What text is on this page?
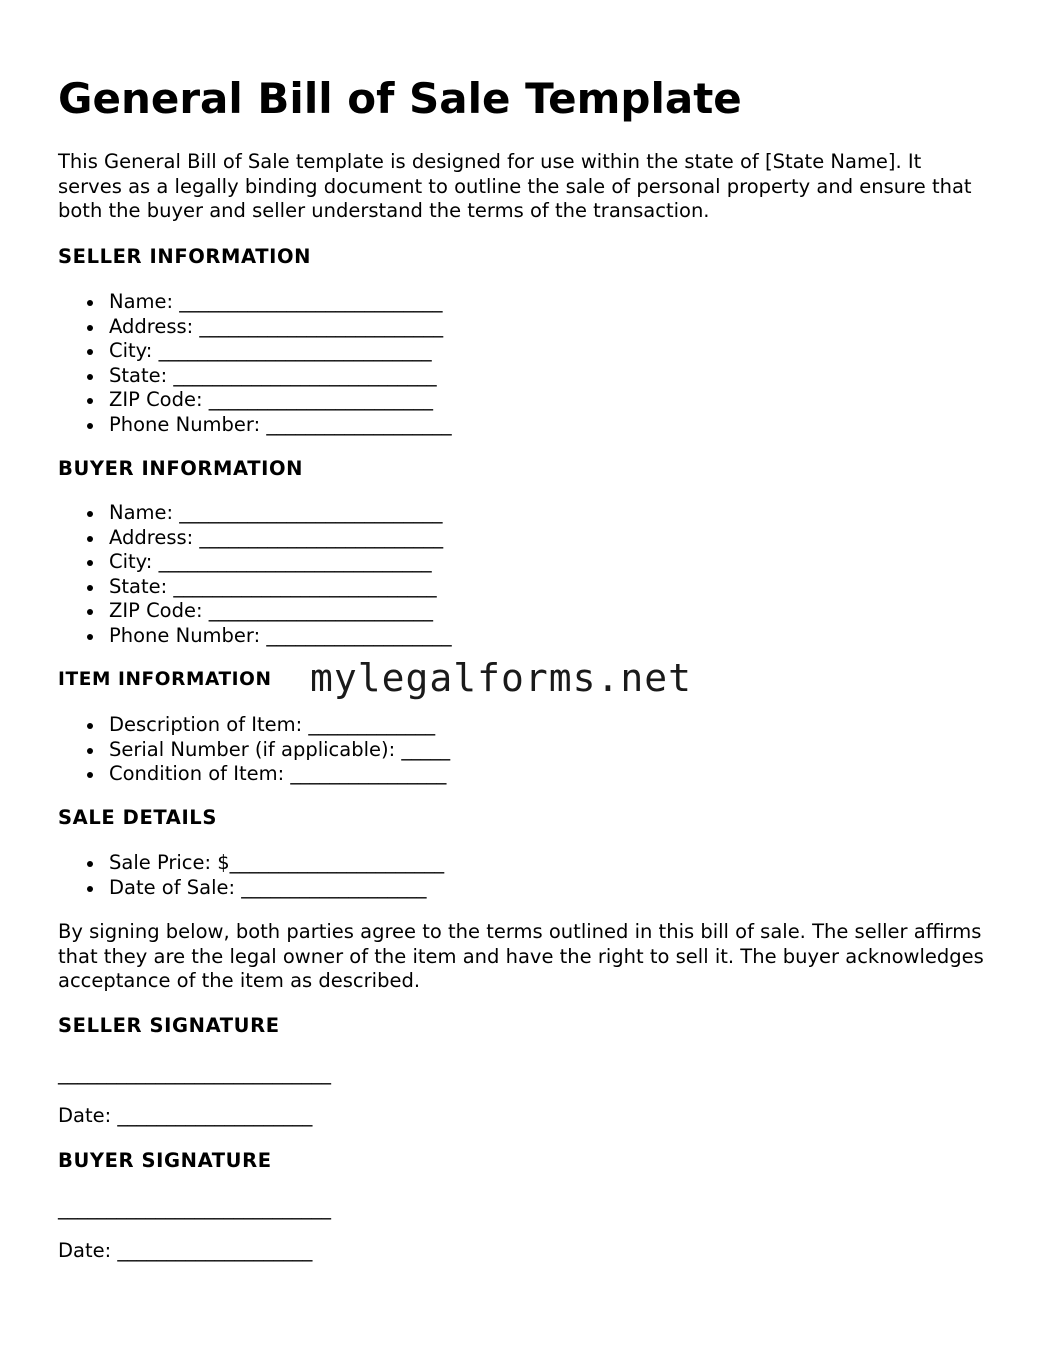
General Bill of Sale Template

This General Bill of Sale template is designed for use within the state of [State Name]. It serves as a legally binding document to outline the sale of personal property and ensure that both the buyer and seller understand the terms of the transaction.

SELLER INFORMATION
Name: ___________________________
Address: _________________________
City: ____________________________
State: ___________________________
ZIP Code: _______________________
Phone Number: ___________________
BUYER INFORMATION
Name: ___________________________
Address: _________________________
City: ____________________________
State: ___________________________
ZIP Code: _______________________
Phone Number: ___________________
ITEM INFORMATION
Description of Item: _____________
Serial Number (if applicable): _____
Condition of Item: ________________
SALE DETAILS
Sale Price: $______________________
Date of Sale: ___________________

By signing below, both parties agree to the terms outlined in this bill of sale. The seller affirms that they are the legal owner of the item and have the right to sell it. The buyer acknowledges acceptance of the item as described.

SELLER SIGNATURE
____________________________
Date: ____________________
BUYER SIGNATURE
____________________________
Date: ____________________
mylegalforms.net
